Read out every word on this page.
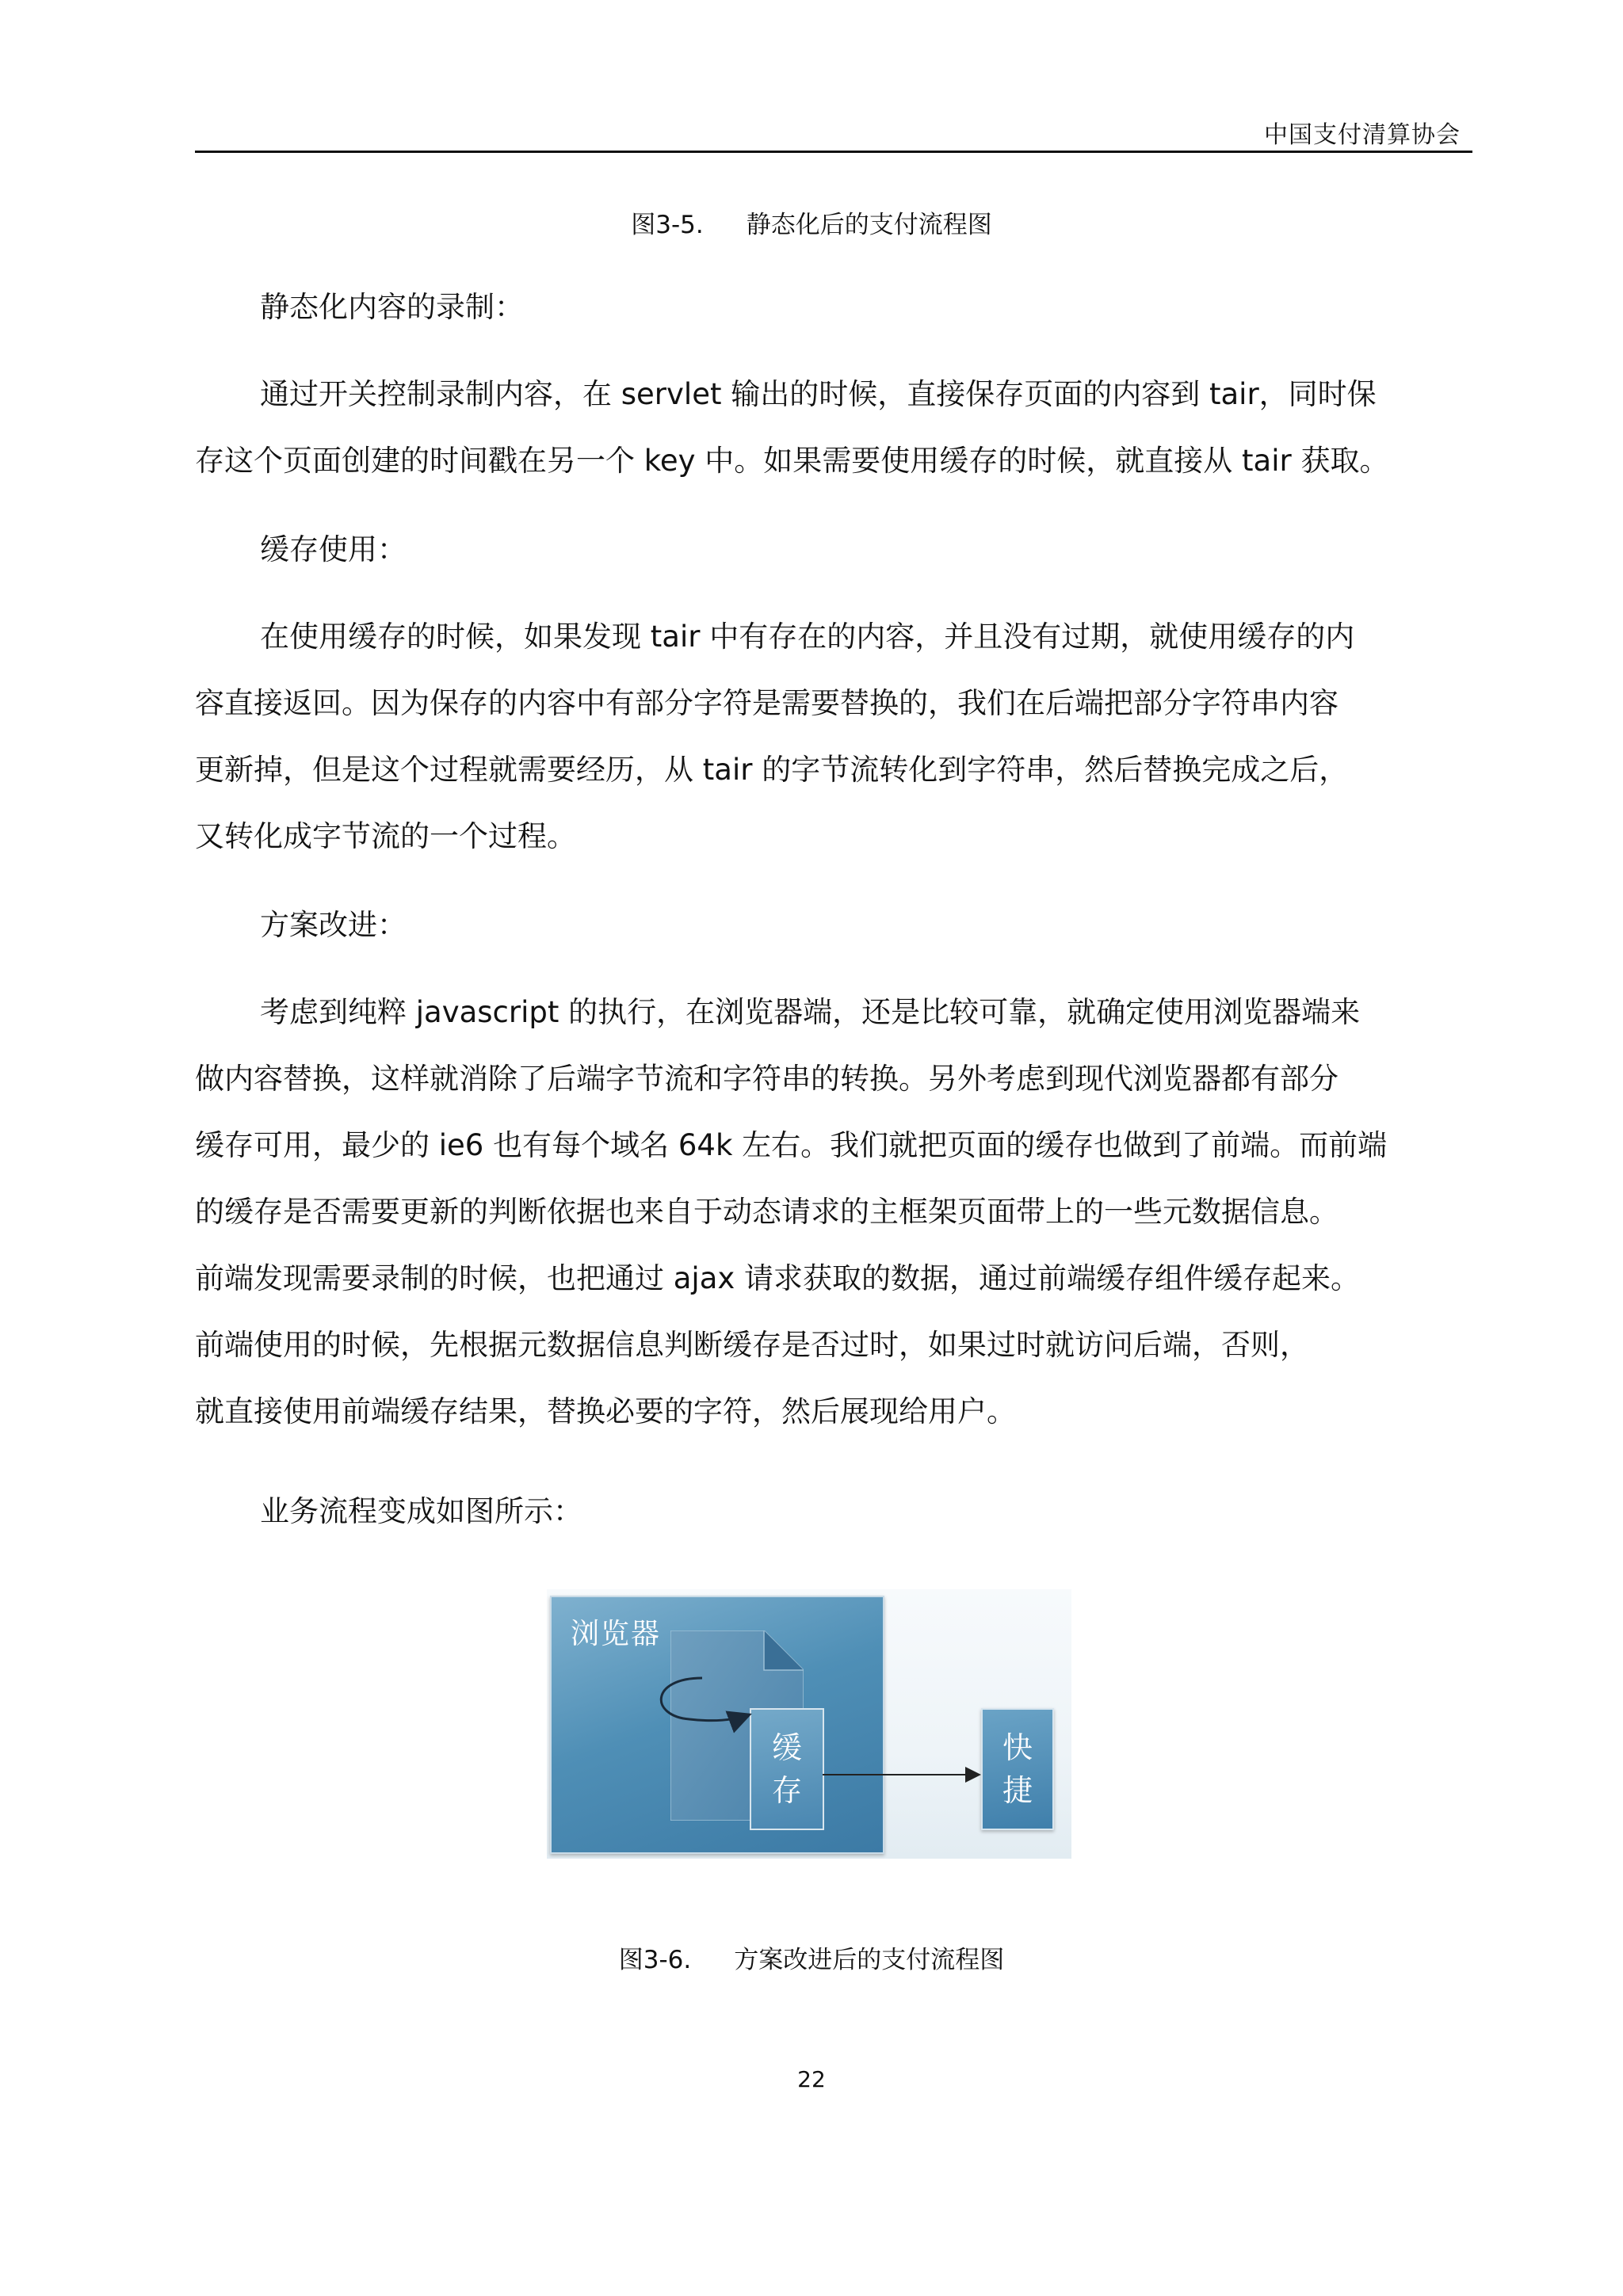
中国支付清算协会
图3-5. 静态化后的支付流程图
静态化内容的录制：

通过开关控制录制内容，在 servlet 输出的时候，直接保存页面的内容到 tair，同时保
存这个页面创建的时间戳在另一个 key 中。如果需要使用缓存的时候，就直接从 tair 获取。

缓存使用：

在使用缓存的时候，如果发现 tair 中有存在的内容，并且没有过期，就使用缓存的内
容直接返回。因为保存的内容中有部分字符是需要替换的，我们在后端把部分字符串内容
更新掉，但是这个过程就需要经历，从 tair 的字节流转化到字符串，然后替换完成之后，
又转化成字节流的一个过程。

方案改进：

考虑到纯粹 javascript 的执行，在浏览器端，还是比较可靠，就确定使用浏览器端来
做内容替换，这样就消除了后端字节流和字符串的转换。另外考虑到现代浏览器都有部分
缓存可用，最少的 ie6 也有每个域名 64k 左右。我们就把页面的缓存也做到了前端。而前端
的缓存是否需要更新的判断依据也来自于动态请求的主框架页面带上的一些元数据信息。
前端发现需要录制的时候，也把通过 ajax 请求获取的数据，通过前端缓存组件缓存起来。
前端使用的时候，先根据元数据信息判断缓存是否过时，如果过时就访问后端，否则，
就直接使用前端缓存结果，替换必要的字符，然后展现给用户。

业务流程变成如图所示：
浏览器
缓
存
快
捷
图3-6. 方案改进后的支付流程图
22
